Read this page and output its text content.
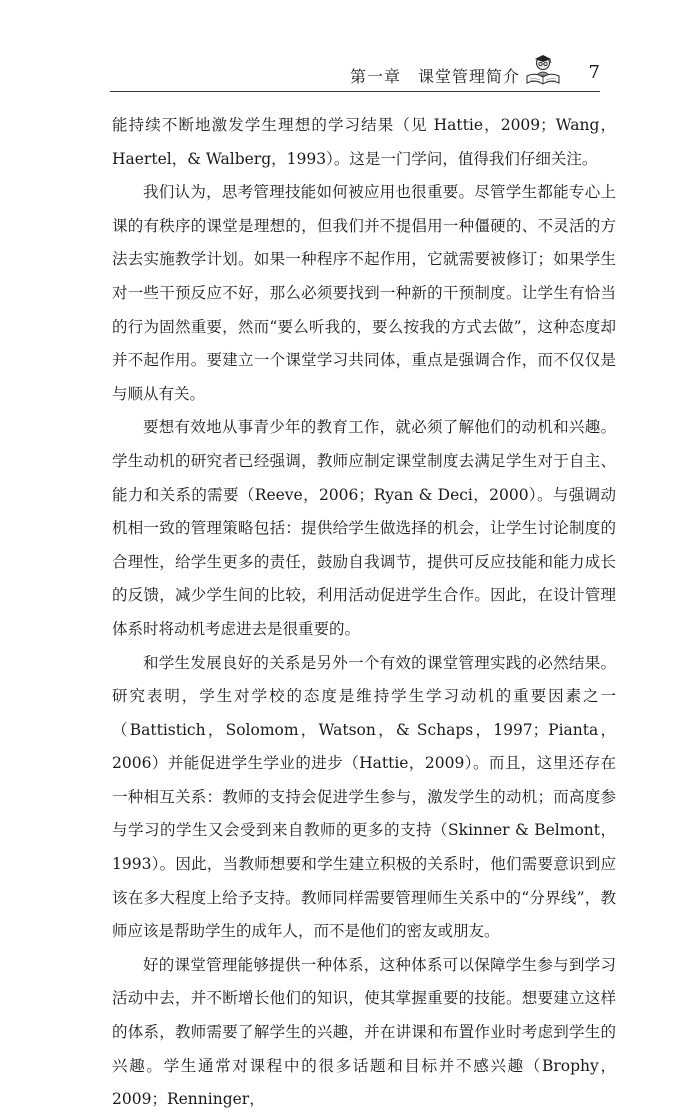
第一章　课堂管理简介	7

能持续不断地激发学生理想的学习结果（见 Hattie，2009；Wang，Haertel，& Walberg，1993）。这是一门学问，值得我们仔细关注。

我们认为，思考管理技能如何被应用也很重要。尽管学生都能专心上课的有秩序的课堂是理想的，但我们并不提倡用一种僵硬的、不灵活的方法去实施教学计划。如果一种程序不起作用，它就需要被修订；如果学生对一些干预反应不好，那么必须要找到一种新的干预制度。让学生有恰当的行为固然重要，然而“要么听我的，要么按我的方式去做”，这种态度却并不起作用。要建立一个课堂学习共同体，重点是强调合作，而不仅仅是与顺从有关。

要想有效地从事青少年的教育工作，就必须了解他们的动机和兴趣。学生动机的研究者已经强调，教师应制定课堂制度去满足学生对于自主、能力和关系的需要（Reeve，2006；Ryan & Deci，2000）。与强调动机相一致的管理策略包括：提供给学生做选择的机会，让学生讨论制度的合理性，给学生更多的责任，鼓励自我调节，提供可反应技能和能力成长的反馈，减少学生间的比较，利用活动促进学生合作。因此，在设计管理体系时将动机考虑进去是很重要的。

和学生发展良好的关系是另外一个有效的课堂管理实践的必然结果。研究表明，学生对学校的态度是维持学生学习动机的重要因素之一（Battistich，Solomom，Watson，& Schaps，1997；Pianta，2006）并能促进学生学业的进步（Hattie，2009）。而且，这里还存在一种相互关系：教师的支持会促进学生参与，激发学生的动机；而高度参与学习的学生又会受到来自教师的更多的支持（Skinner & Belmont，1993）。因此，当教师想要和学生建立积极的关系时，他们需要意识到应该在多大程度上给予支持。教师同样需要管理师生关系中的“分界线”，教师应该是帮助学生的成年人，而不是他们的密友或朋友。

好的课堂管理能够提供一种体系，这种体系可以保障学生参与到学习活动中去，并不断增长他们的知识，使其掌握重要的技能。想要建立这样的体系，教师需要了解学生的兴趣，并在讲课和布置作业时考虑到学生的兴趣。学生通常对课程中的很多话题和目标并不感兴趣（Brophy，2009；Renninger，
